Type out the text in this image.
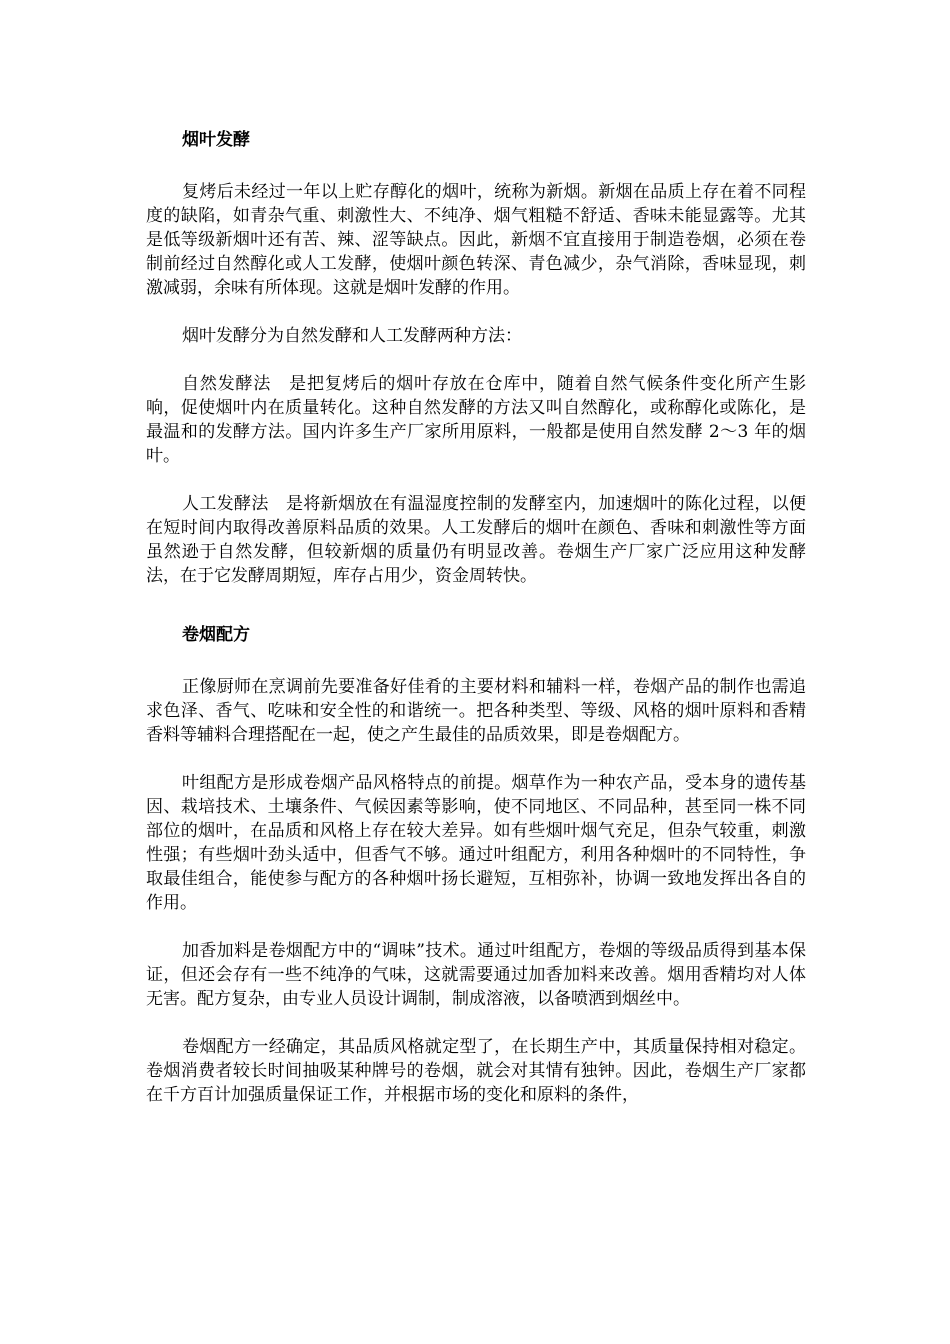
烟叶发酵

复烤后未经过一年以上贮存醇化的烟叶，统称为新烟。新烟在品质上存在着不同程度的缺陷，如青杂气重、刺激性大、不纯净、烟气粗糙不舒适、香味未能显露等。尤其是低等级新烟叶还有苦、辣、涩等缺点。因此，新烟不宜直接用于制造卷烟，必须在卷制前经过自然醇化或人工发酵，使烟叶颜色转深、青色减少，杂气消除，香味显现，刺激减弱，余味有所体现。这就是烟叶发酵的作用。

烟叶发酵分为自然发酵和人工发酵两种方法：

自然发酵法　是把复烤后的烟叶存放在仓库中，随着自然气候条件变化所产生影响，促使烟叶内在质量转化。这种自然发酵的方法又叫自然醇化，或称醇化或陈化，是最温和的发酵方法。国内许多生产厂家所用原料，一般都是使用自然发酵 2～3 年的烟叶。

人工发酵法　是将新烟放在有温湿度控制的发酵室内，加速烟叶的陈化过程，以便在短时间内取得改善原料品质的效果。人工发酵后的烟叶在颜色、香味和刺激性等方面虽然逊于自然发酵，但较新烟的质量仍有明显改善。卷烟生产厂家广泛应用这种发酵法，在于它发酵周期短，库存占用少，资金周转快。

卷烟配方

正像厨师在烹调前先要准备好佳肴的主要材料和辅料一样，卷烟产品的制作也需追求色泽、香气、吃味和安全性的和谐统一。把各种类型、等级、风格的烟叶原料和香精香料等辅料合理搭配在一起，使之产生最佳的品质效果，即是卷烟配方。

叶组配方是形成卷烟产品风格特点的前提。烟草作为一种农产品，受本身的遗传基因、栽培技术、土壤条件、气候因素等影响，使不同地区、不同品种，甚至同一株不同部位的烟叶，在品质和风格上存在较大差异。如有些烟叶烟气充足，但杂气较重，刺激性强；有些烟叶劲头适中，但香气不够。通过叶组配方，利用各种烟叶的不同特性，争取最佳组合，能使参与配方的各种烟叶扬长避短，互相弥补，协调一致地发挥出各自的作用。

加香加料是卷烟配方中的“调味”技术。通过叶组配方，卷烟的等级品质得到基本保证，但还会存有一些不纯净的气味，这就需要通过加香加料来改善。烟用香精均对人体无害。配方复杂，由专业人员设计调制，制成溶液，以备喷洒到烟丝中。

卷烟配方一经确定，其品质风格就定型了，在长期生产中，其质量保持相对稳定。卷烟消费者较长时间抽吸某种牌号的卷烟，就会对其情有独钟。因此，卷烟生产厂家都在千方百计加强质量保证工作，并根据市场的变化和原料的条件，
